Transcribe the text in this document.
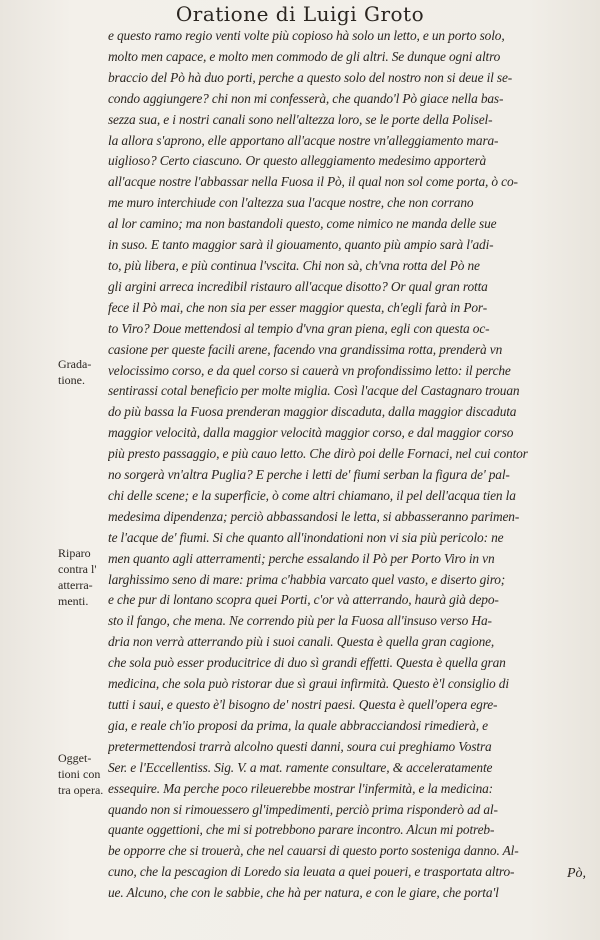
Oratione di Luigi Groto
e questo ramo regio venti volte più copioso hà solo un letto, e un porto solo,
molto men capace, e molto men commodo de gli altri. Se dunque ogni altro
braccio del Pò hà duo porti, perche a questo solo del nostro non si deue il se-
condo aggiungere? chi non mi confesserà, che quando'l Pò giace nella bas-
sezza sua, e i nostri canali sono nell'altezza loro, se le porte della Polisel-
la allora s'aprono, elle apportano all'acque nostre vn'alleggiamento mara-
uiglioso? Certo ciascuno. Or questo alleggiamento medesimo apporterà
all'acque nostre l'abbassar nella Fuosa il Pò, il qual non sol come porta, ò co-
me muro interchiude con l'altezza sua l'acque nostre, che non corrano
al lor camino; ma non bastandoli questo, come nimico ne manda delle sue
in suso. E tanto maggior sarà il giouamento, quanto più ampio sarà l'adi-
to, più libera, e più continua l'vscita. Chi non sà, ch'vna rotta del Pò ne
gli argini arreca incredibil ristauro all'acque disotto? Or qual gran rotta
fece il Pò mai, che non sia per esser maggior questa, ch'egli farà in Por-
to Viro? Doue mettendosi al tempio d'vna gran piena, egli con questa oc-
casione per queste facili arene, facendo vna grandissima rotta, prenderà vn
velocissimo corso, e da quel corso si cauerà vn profondissimo letto: il perche
sentirassi cotal beneficio per molte miglia. Così l'acque del Castagnaro trouan
do più bassa la Fuosa prenderan maggior discaduta, dalla maggior discaduta
maggior velocità, dalla maggior velocità maggior corso, e dal maggior corso
più presto passaggio, e più cauo letto. Che dirò poi delle Fornaci, nel cui contor
no sorgerà vn'altra Puglia? E perche i letti de' fiumi serban la figura de' pal-
chi delle scene; e la superficie, ò come altri chiamano, il pel dell'acqua tien la
medesima dipendenza; perciò abbassandosi le letta, si abbasseranno parimen-
te l'acque de' fiumi. Si che quanto all'inondationi non vi sia più pericolo: ne
men quanto agli atterramenti; perche essalando il Pò per Porto Viro in vn
larghissimo seno di mare: prima c'habbia varcato quel vasto, e diserto giro;
e che pur di lontano scopra quei Porti, c'or và atterrando, haurà già depo-
sto il fango, che mena. Ne correndo più per la Fuosa all'insuso verso Ha-
dria non verrà atterrando più i suoi canali. Questa è quella gran cagione,
che sola può esser producitrice di duo sì grandi effetti. Questa è quella gran
medicina, che sola può ristorar due sì graui infirmità. Questo è'l consiglio di
tutti i saui, e questo è'l bisogno de' nostri paesi. Questa è quell'opera egre-
gia, e reale ch'io proposi da prima, la quale abbracciandosi rimedierà, e
pretermettendosi trarrà alcolno questi danni, soura cui preghiamo Vostra
Ser. e l'Eccellentiss. Sig. V. a mat. ramente consultare, & acceleratamente
essequire. Ma perche poco rileuerebbe mostrar l'infermità, e la medicina:
quando non si rimouessero gl'impedimenti, perciò prima risponderò ad al-
quante oggettioni, che mi si potrebbono parare incontro. Alcun mi potreb-
be opporre che si trouerà, che nel cauarsi di questo porto sosteniga danno. Al-
cuno, che la pescagion di Loredo sia leuata a quei poueri, e trasportata altro-
ue. Alcuno, che con le sabbie, che hà per natura, e con le giare, che porta'l
Grada-
tione.
Riparo
contra l'
atterra-
menti.
Ogget-
tioni con
tra opera.
Pò,
